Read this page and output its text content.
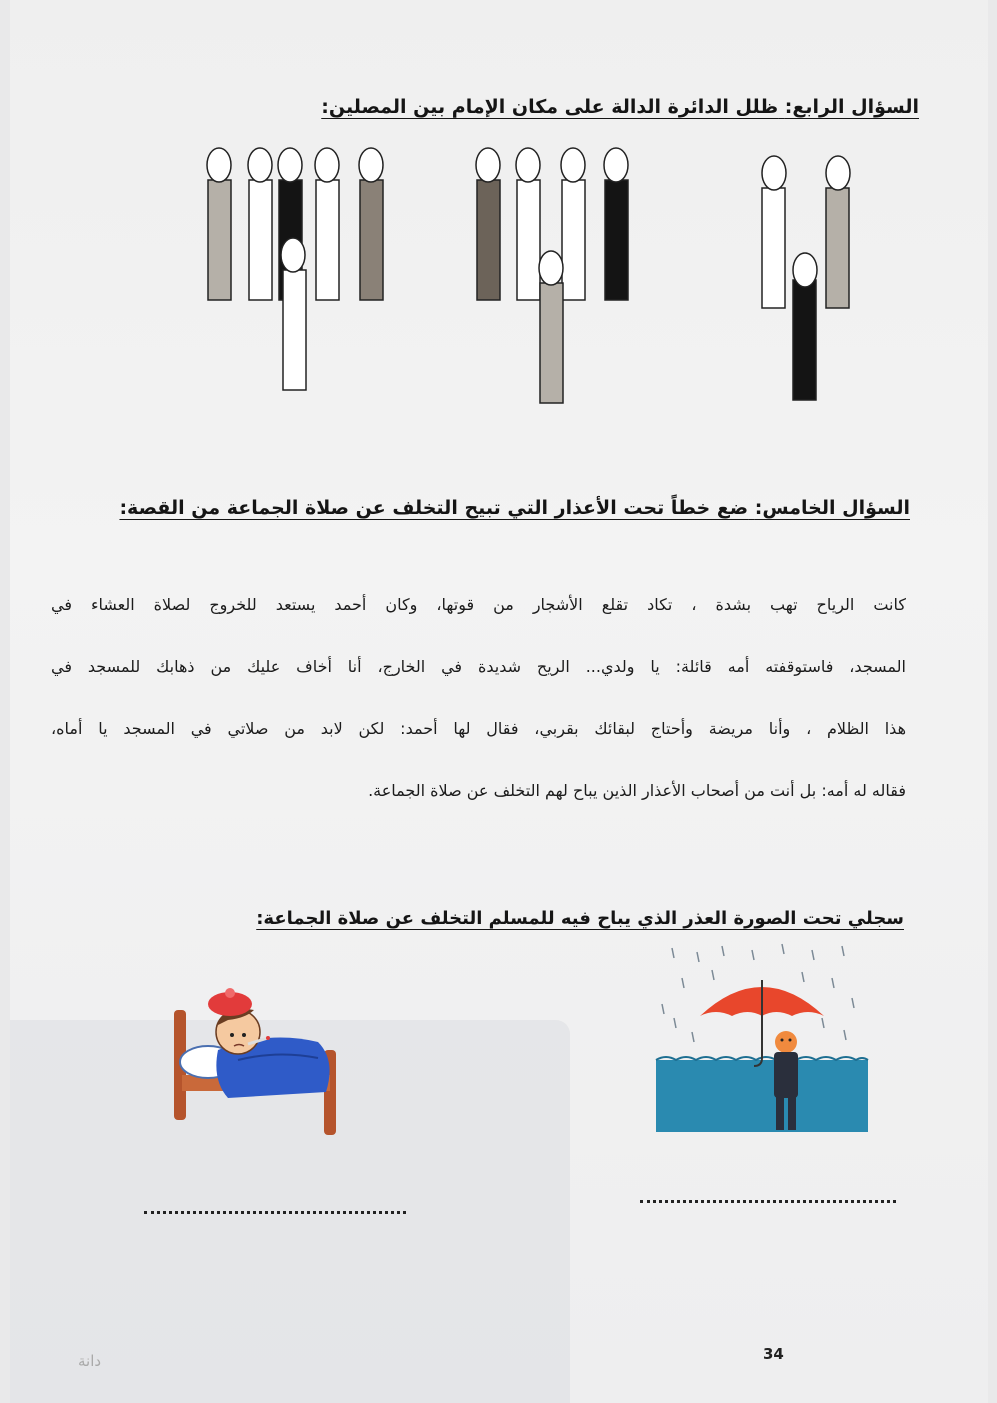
السؤال الرابع: ظلل الدائرة الدالة على مكان الإمام بين المصلين:
السؤال الخامس: ضع خطاً تحت الأعذار التي تبيح التخلف عن صلاة الجماعة من القصة:
كانت الرياح تهب بشدة ، تكاد تقلع الأشجار من قوتها، وكان أحمد يستعد للخروج لصلاة العشاء في
المسجد، فاستوقفته أمه قائلة: يا ولدي... الريح شديدة في الخارج، أنا أخاف عليك من ذهابك للمسجد في
هذا الظلام ، وأنا مريضة وأحتاج لبقائك بقربي، فقال لها أحمد: لكن لابد من صلاتي في المسجد يا أماه،
فقاله له أمه: بل أنت من أصحاب الأعذار الذين يباح لهم التخلف عن صلاة الجماعة.
سجلي تحت الصورة العذر الذي يباح فيه للمسلم التخلف عن صلاة الجماعة:
34
دانة
